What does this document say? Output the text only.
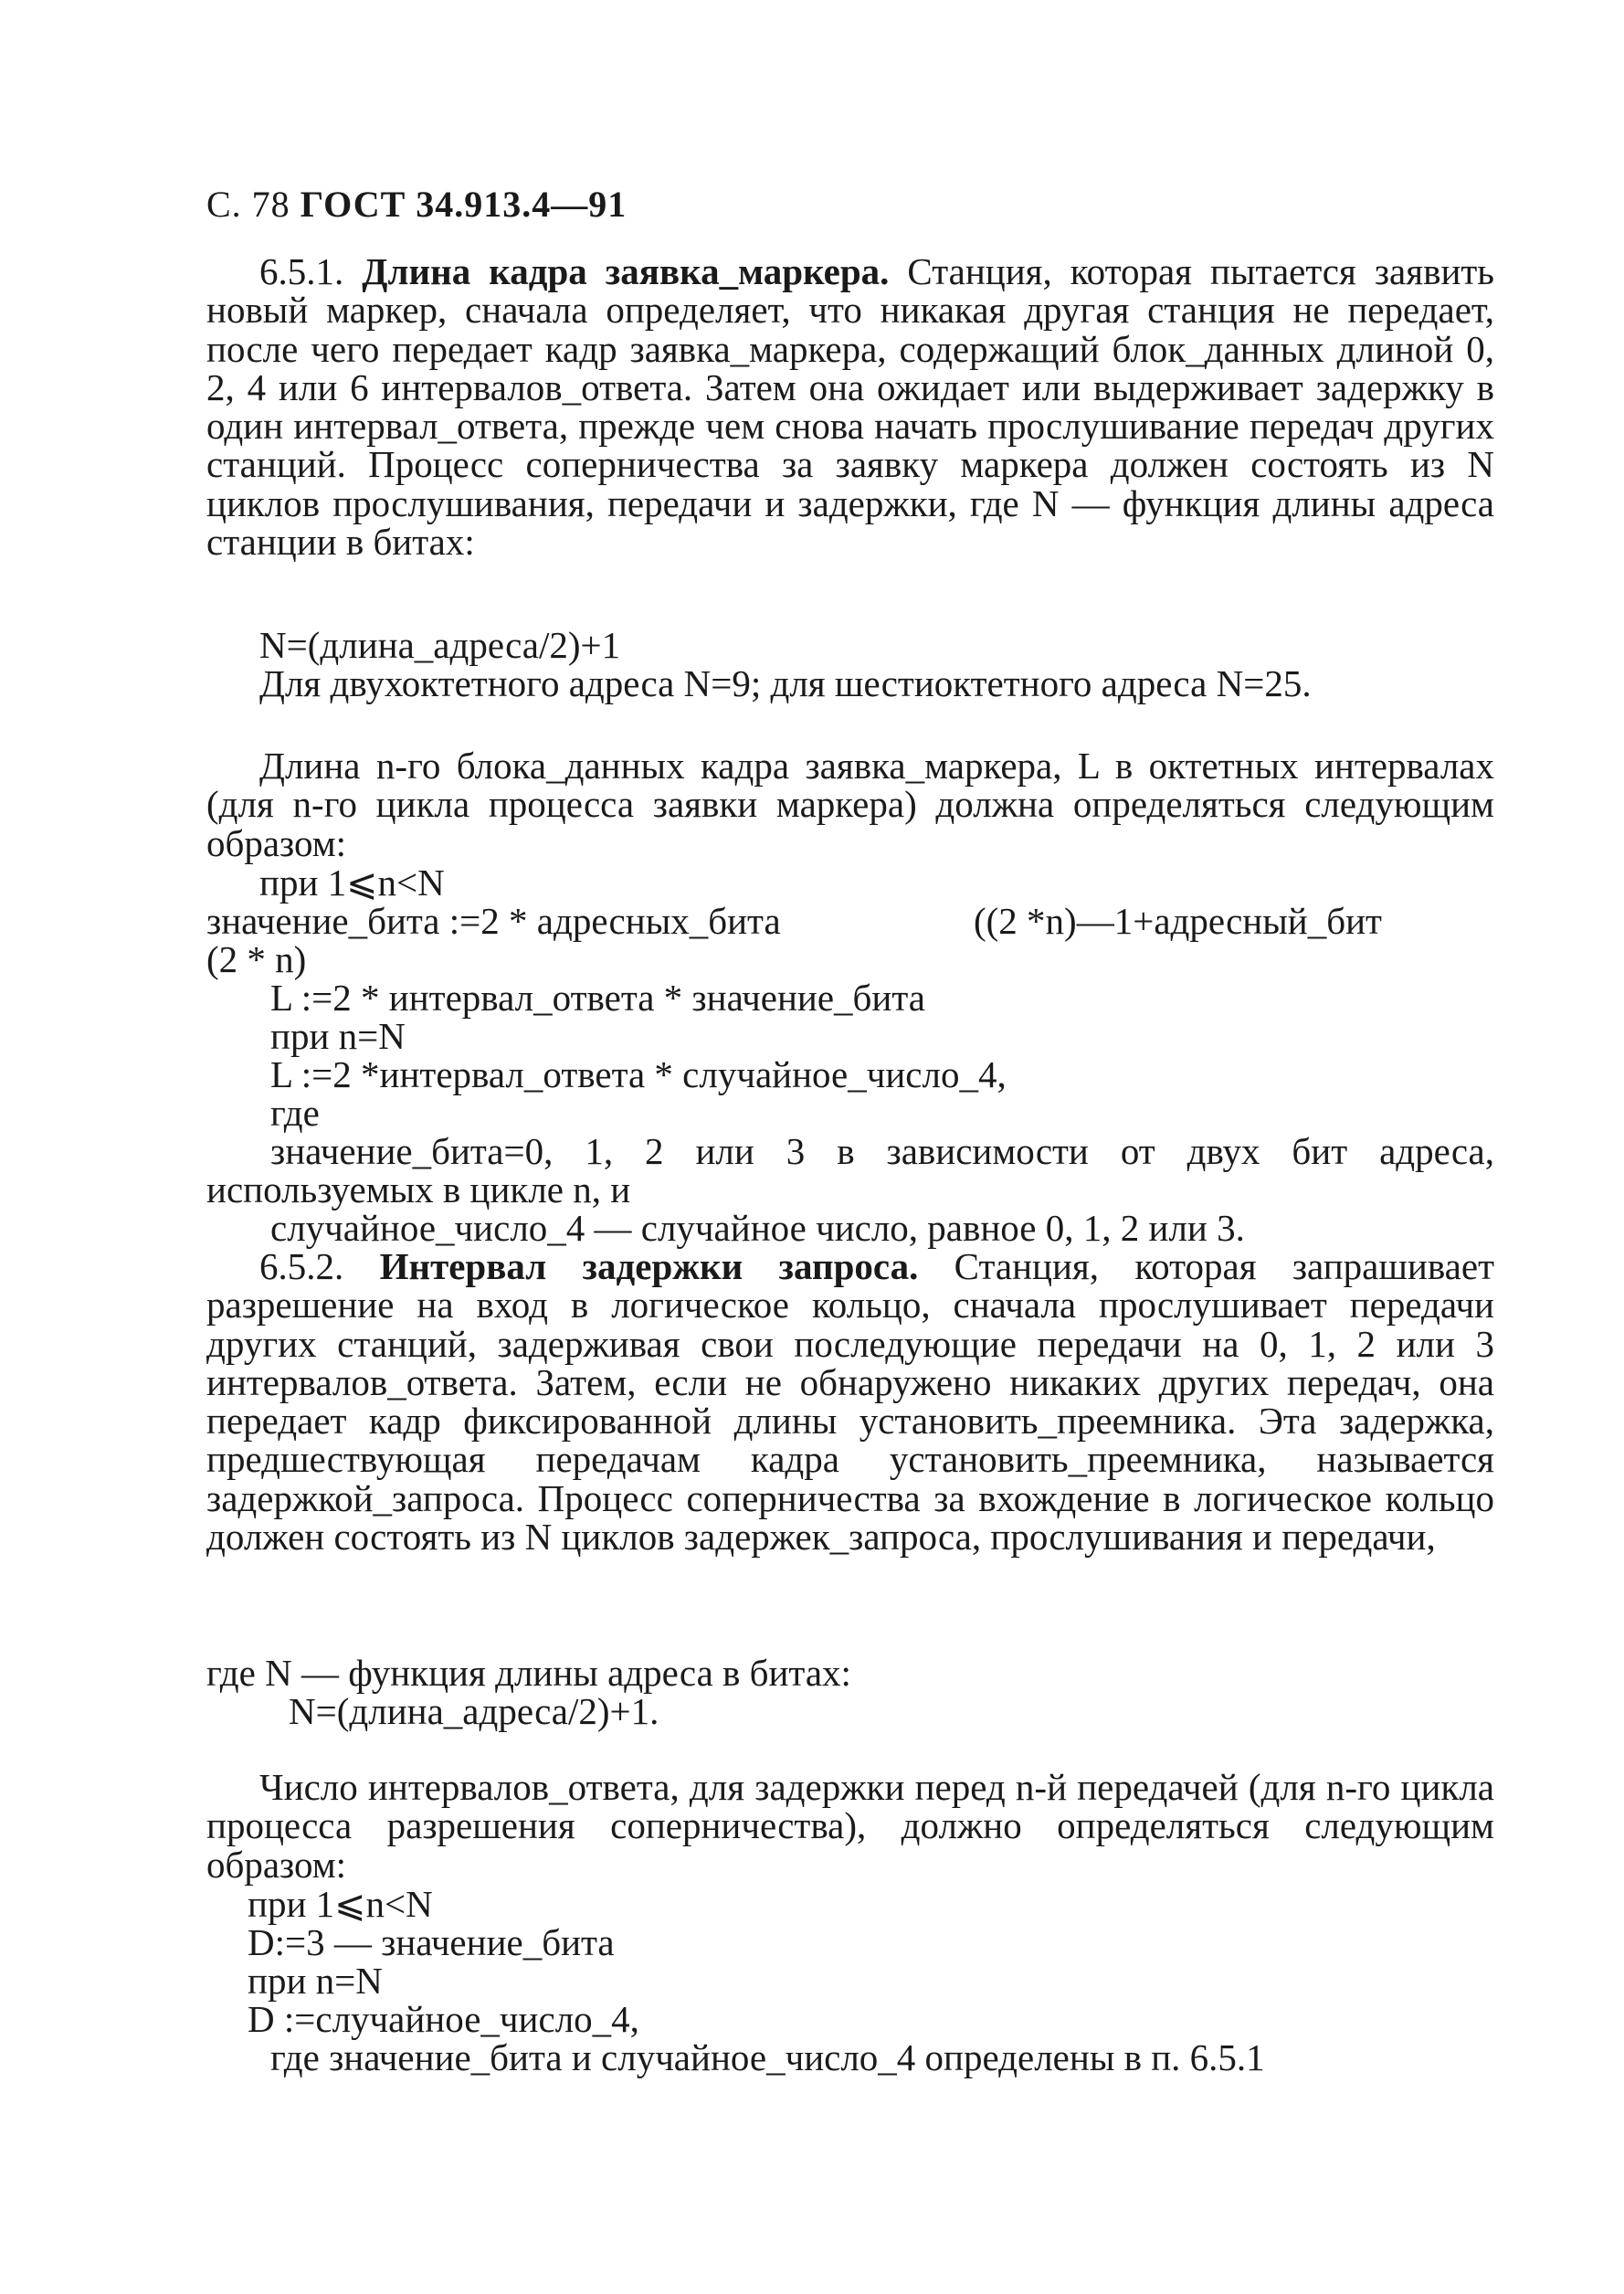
С. 78 ГОСТ 34.913.4—91
6.5.1. Длина кадра заявка_маркера. Станция, которая пытается заявить новый маркер, сначала определяет, что никакая другая станция не передает, после чего передает кадр заявка_маркера, содержащий блок_данных длиной 0, 2, 4 или 6 интервалов_ответа. Затем она ожидает или выдерживает задержку в один интервал_ответа, прежде чем снова начать прослушивание передач других станций. Процесс соперничества за заявку маркера должен состоять из N циклов прослушивания, передачи и задержки, где N — функция длины адреса станции в битах:
N=(длина_адреса/2)+1
Для двухоктетного адреса N=9; для шестиоктетного адреса N=25.
Длина n-го блока_данных кадра заявка_маркера, L в октетных интервалах (для n-го цикла процесса заявки маркера) должна определяться следующим образом:
при 1⩽n<N
значение_бита :=2 * адресных_бита	((2 *n)—1+адресный_бит
(2 * n)
L :=2 * интервал_ответа * значение_бита
при n=N
L :=2 *интервал_ответа * случайное_число_4,
где
значение_бита=0, 1, 2 или 3 в зависимости от двух бит адреса, используемых в цикле n, и
случайное_число_4 — случайное число, равное 0, 1, 2 или 3.
6.5.2. Интервал задержки запроса. Станция, которая запрашивает разрешение на вход в логическое кольцо, сначала прослушивает передачи других станций, задерживая свои последующие передачи на 0, 1, 2 или 3 интервалов_ответа. Затем, если не обнаружено никаких других передач, она передает кадр фиксированной длины установить_преемника. Эта задержка, предшествующая передачам кадра установить_преемника, называется задержкой_запроса. Процесс соперничества за вхождение в логическое кольцо должен состоять из N циклов задержек_запроса, прослушивания и передачи,
где N — функция длины адреса в битах:
N=(длина_адреса/2)+1.
Число интервалов_ответа, для задержки перед n-й передачей (для n-го цикла процесса разрешения соперничества), должно определяться следующим образом:
при 1⩽n<N
D:=3 — значение_бита
при n=N
D :=случайное_число_4,
где значение_бита и случайное_число_4 определены в п. 6.5.1
